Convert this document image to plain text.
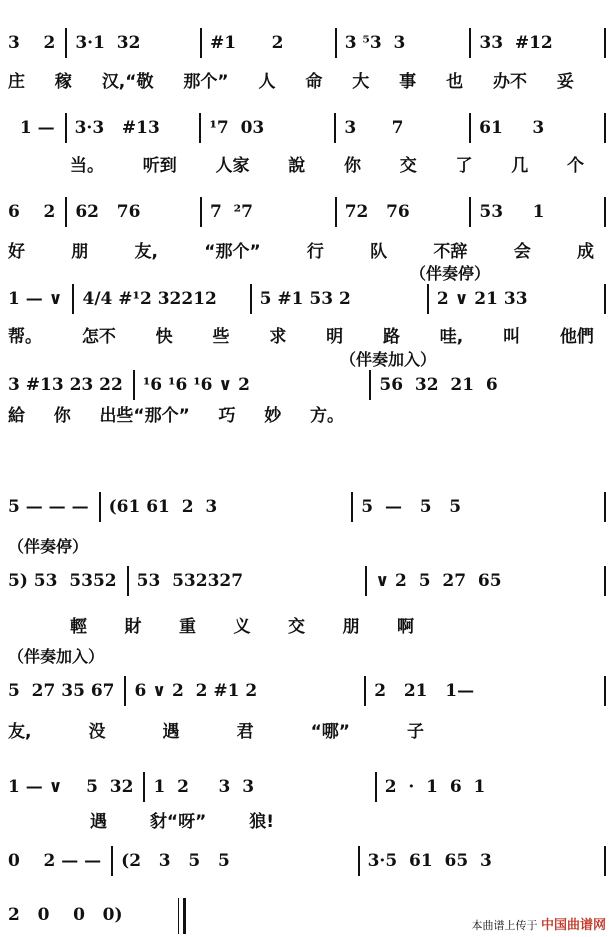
3    2	3·1  32	#1      2	3 ⁵3  3	33  #12
1 —	3·3   #13	¹7  03	3      7	61     3
6    2	62   76	7  ²7	72   76	53     1
1 — ∨	4/4 #¹2 32212	5 #1 53 2	2 ∨ 21 33
3 #13 23 22	¹6 ¹6 ¹6 ∨ 2	56  32  21  6
5 — — —	(61 61  2  3	5  —   5   5
5) 53  5352	53  532327	∨ 2  5  27  65
5  27 35 67	6 ∨ 2  2 #1 2	2   21   1—
1 — ∨    5  32	1  2     3  3	2  ·  1  6  1
0    2 — —	(2   3   5   5	3·5  61  65  3
2   0    0   0)
庄 稼 汉,“敬 那个” 人 命 大 事 也 办不 妥
当。 听到 人家 說 你 交 了 几 个
好	朋	友,	“那个”	行	队	不辞	会	成
帮。 怎不 快 些 求 明 路 哇, 叫 他們
給 你 出些“那个” 巧 妙 方。
輕 財 重 义 交 朋 啊
友,	没	遇	君	“哪”	子
遇	豺“呀”	狼!
（伴奏停）
（伴奏加入）
（伴奏停）
（伴奏加入）
本曲谱上传于 中国曲谱网
